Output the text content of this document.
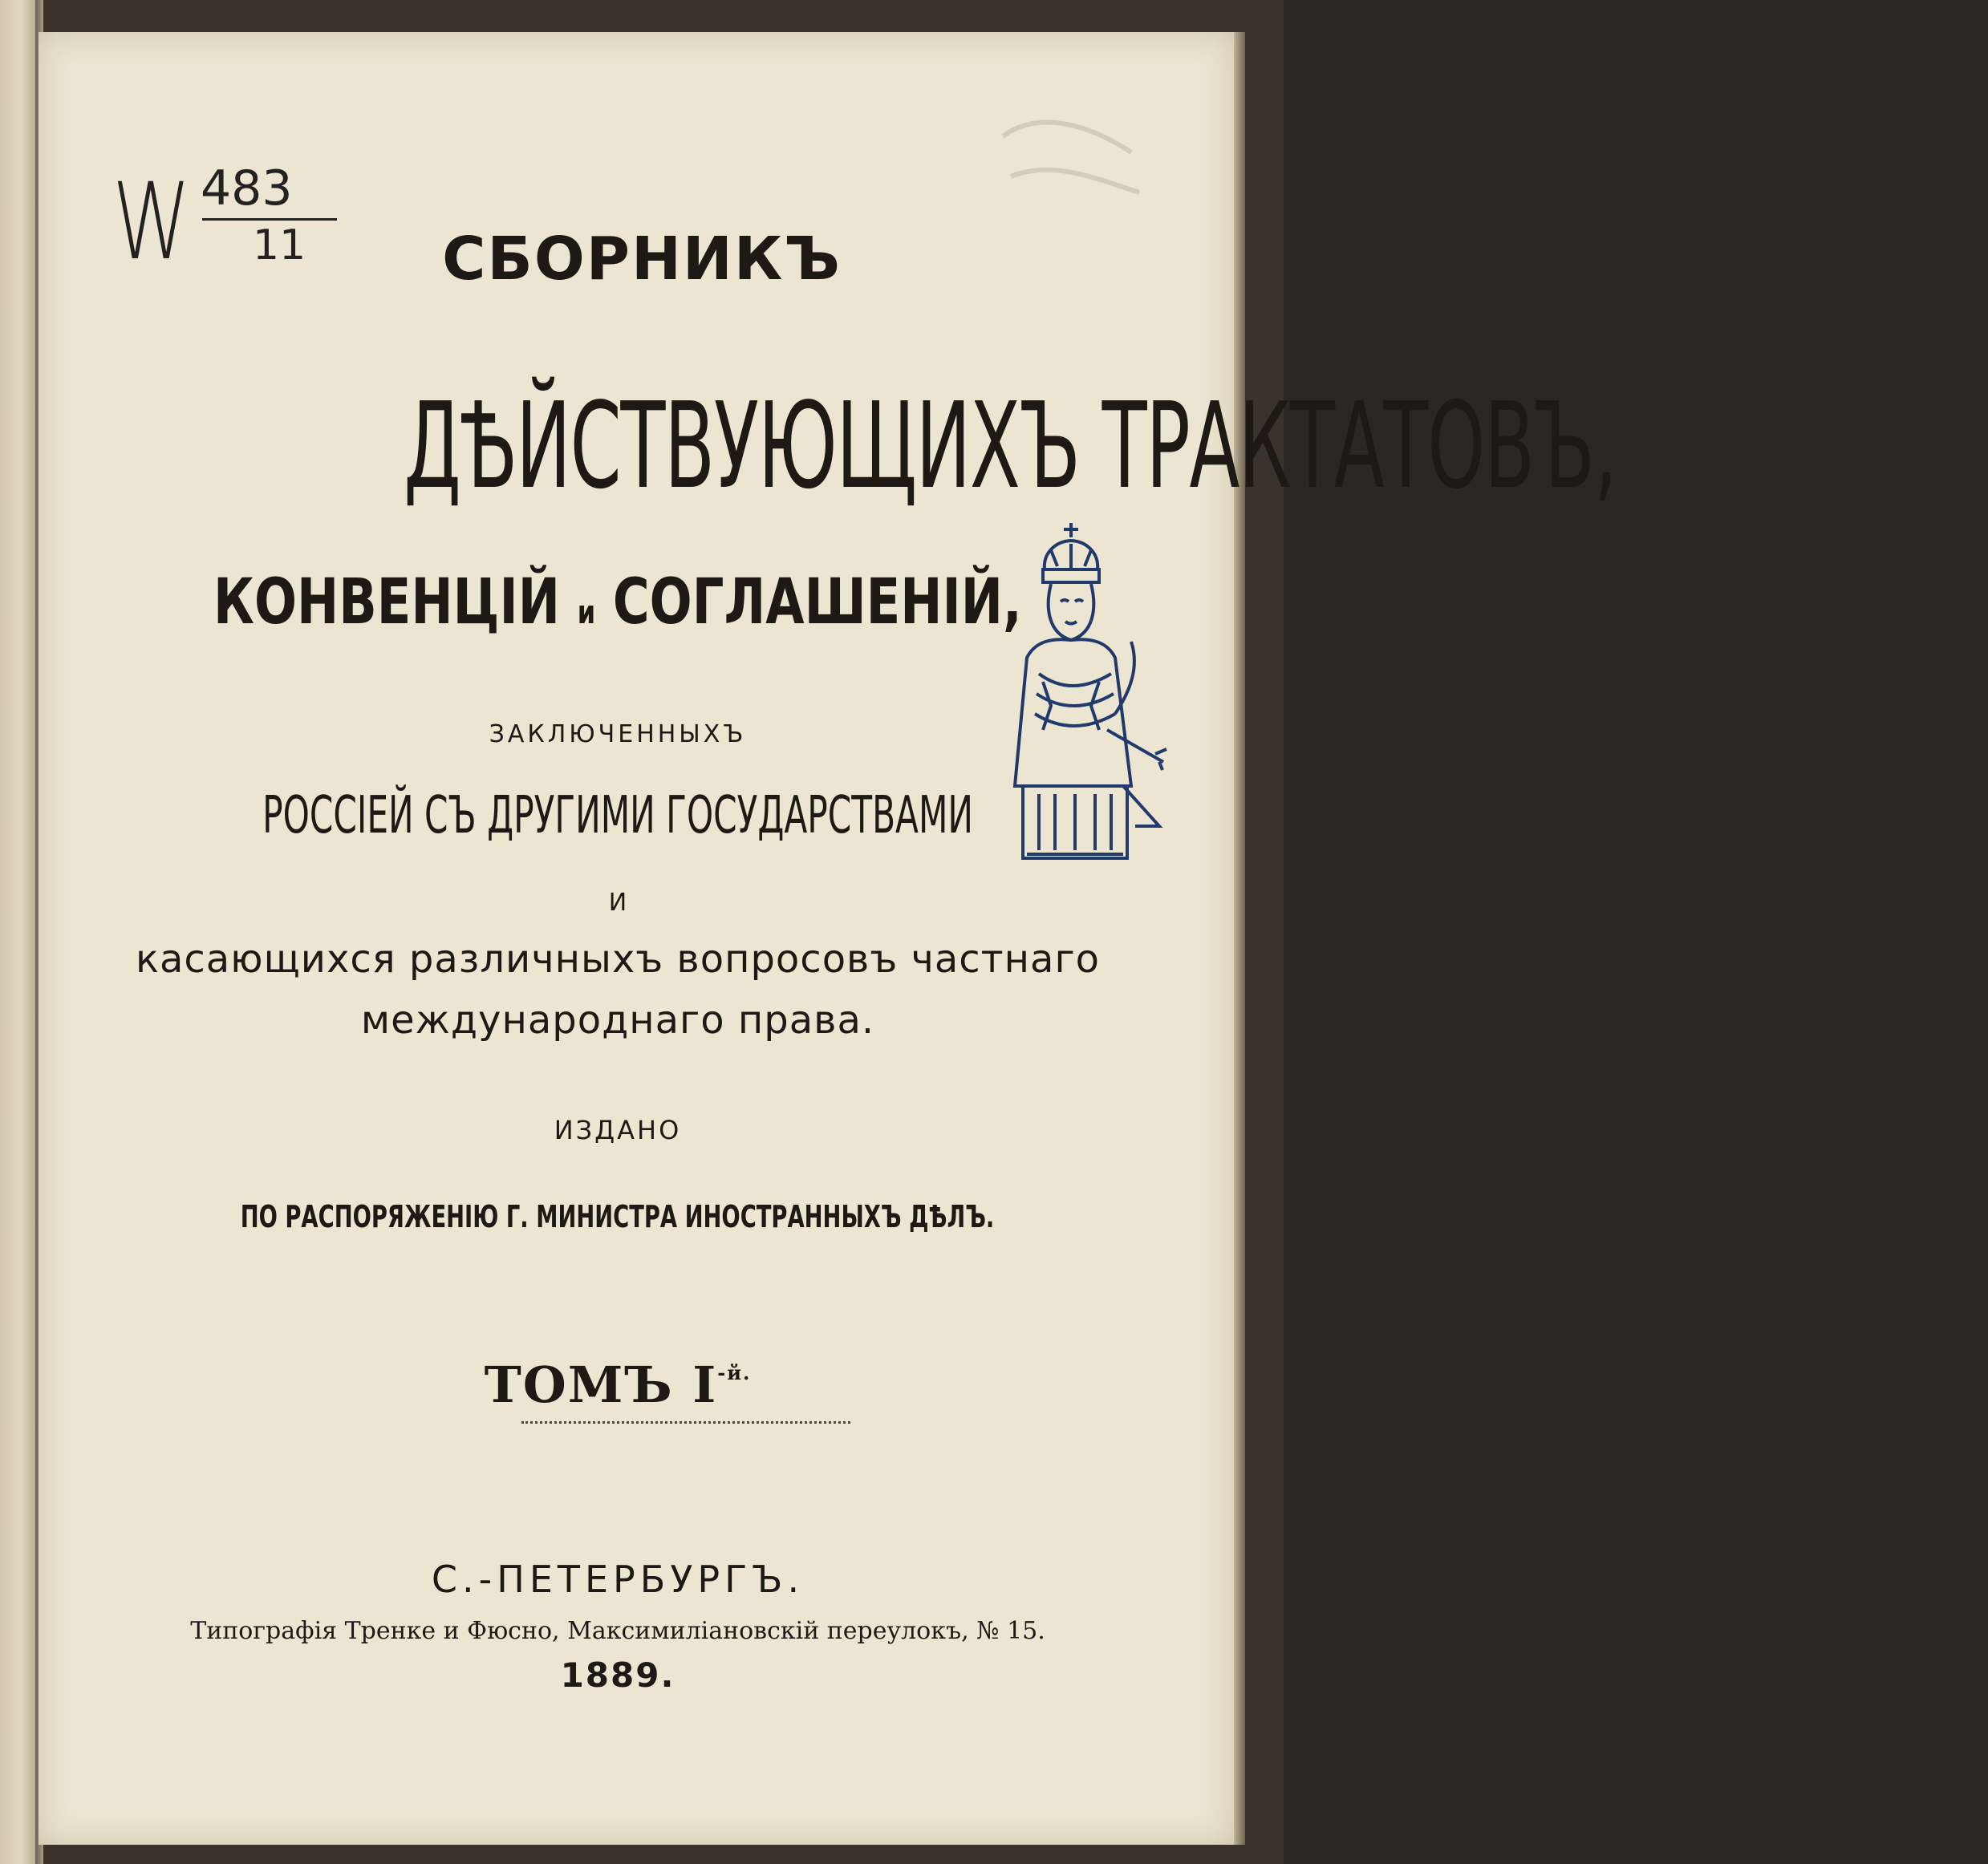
W 483
11	СБОРНИКЪ

ДѢЙСТВУЮЩИХЪ ТРАКТАТОВЪ,

КОНВЕНЦІЙ и СОГЛАШЕНІЙ,

ЗАКЛЮЧЕННЫХЪ

РОССІЕЙ СЪ ДРУГИМИ ГОСУДАРСТВАМИ

И

касающихся различныхъ вопросовъ частнаго

международнаго права.

ИЗДАНО

ПО РАСПОРЯЖЕНІЮ Г. МИНИСТРА ИНОСТРАННЫХЪ ДѢЛЪ.

ТОМЪ $I^{-й.}$

С.-ПЕТЕРБУРГЪ.

Типографія Тренке и Фюсно, Максимиліановскій переулокъ, № 15.

1889.
